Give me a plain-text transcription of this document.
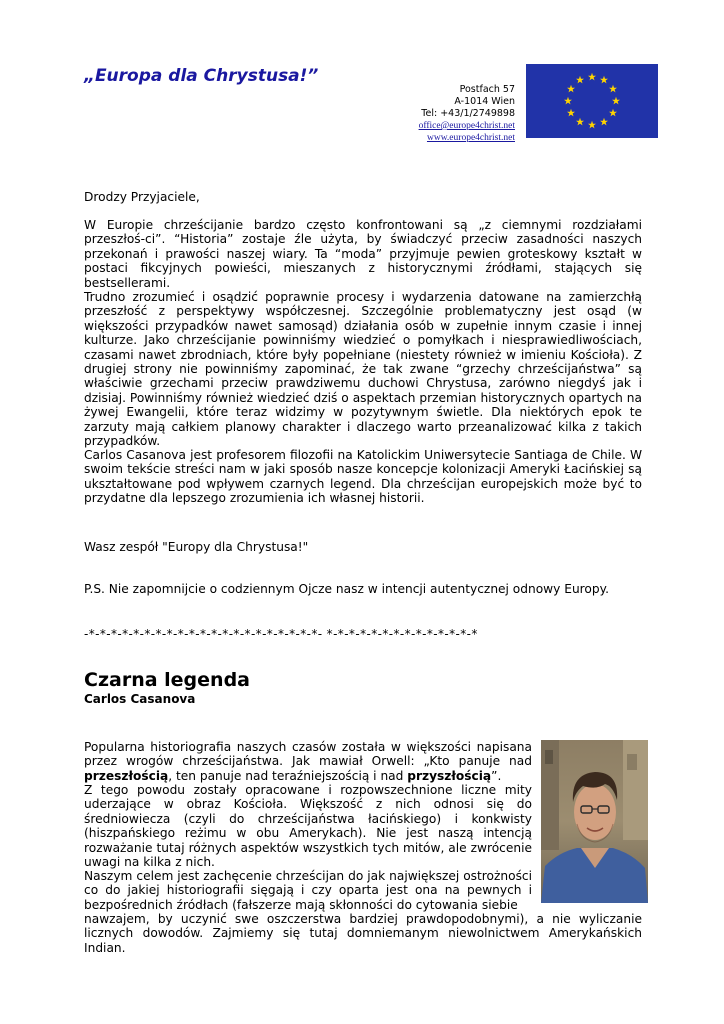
„Europa dla Chrystusa!”
Postfach 57
A-1014 Wien
Tel: +43/1/2749898
office@europe4christ.net
www.europe4christ.net
Drodzy Przyjaciele,
W Europie chrześcijanie bardzo często konfrontowani są „z ciemnymi rozdziałami przeszłoś-ci”. “Historia” zostaje źle użyta, by świadczyć przeciw zasadności naszych przekonań i prawości naszej wiary. Ta “moda” przyjmuje pewien groteskowy kształt w postaci fikcyjnych powieści, mieszanych z historycznymi źródłami, stających się bestsellerami.
Trudno zrozumieć i osądzić poprawnie procesy i wydarzenia datowane na zamierzchłą przeszłość z perspektywy współczesnej. Szczególnie problematyczny jest osąd (w większości przypadków nawet samosąd) działania osób w zupełnie innym czasie i innej kulturze. Jako chrześcijanie powinniśmy wiedzieć o pomyłkach i niesprawiedliwościach, czasami nawet zbrodniach, które były popełniane (niestety również w imieniu Kościoła). Z drugiej strony nie powinniśmy zapominać, że tak zwane “grzechy chrześcijaństwa” są właściwie grzechami przeciw prawdziwemu duchowi Chrystusa, zarówno niegdyś jak i dzisiaj. Powinniśmy również wiedzieć dziś o aspektach przemian historycznych opartych na żywej Ewangelii, które teraz widzimy w pozytywnym świetle. Dla niektórych epok te zarzuty mają całkiem planowy charakter i dlaczego warto przeanalizować kilka z takich przypadków.
Carlos Casanova jest profesorem filozofii na Katolickim Uniwersytecie Santiaga de Chile. W swoim tekście streści nam w jaki sposób nasze koncepcje kolonizacji Ameryki Łacińskiej są ukształtowane pod wpływem czarnych legend. Dla chrześcijan europejskich może być to przydatne dla lepszego zrozumienia ich własnej historii.
Wasz zespół "Europy dla Chrystusa!"
P.S. Nie zapomnijcie o codziennym Ojcze nasz w intencji autentycznej odnowy Europy.
-*-*-*-*-*-*-*-*-*-*-*-*-*-*-*-*-*-*-*-*-*- *-*-*-*-*-*-*-*-*-*-*-*-*-*
Czarna legenda
Carlos Casanova
Popularna historiografia naszych czasów została w większości napisana przez wrogów chrześcijaństwa. Jak mawiał Orwell: „Kto panuje nad przeszłością, ten panuje nad teraźniejszością i nad przyszłością”.
Z tego powodu zostały opracowane i rozpowszechnione liczne mity uderzające w obraz Kościoła. Większość z nich odnosi się do średniowiecza (czyli do chrześcijaństwa łacińskiego) i konkwisty (hiszpańskiego reżimu w obu Amerykach). Nie jest naszą intencją rozważanie tutaj różnych aspektów wszystkich tych mitów, ale zwrócenie uwagi na kilka z nich.
Naszym celem jest zachęcenie chrześcijan do jak największej ostrożności co do jakiej historiografii sięgają i czy oparta jest ona na pewnych i bezpośrednich źródłach (fałszerze mają skłonności do cytowania siebie
nawzajem, by uczynić swe oszczerstwa bardziej prawdopodobnymi), a nie wyliczanie licznych dowodów. Zajmiemy się tutaj domniemanym niewolnictwem Amerykańskich Indian.
